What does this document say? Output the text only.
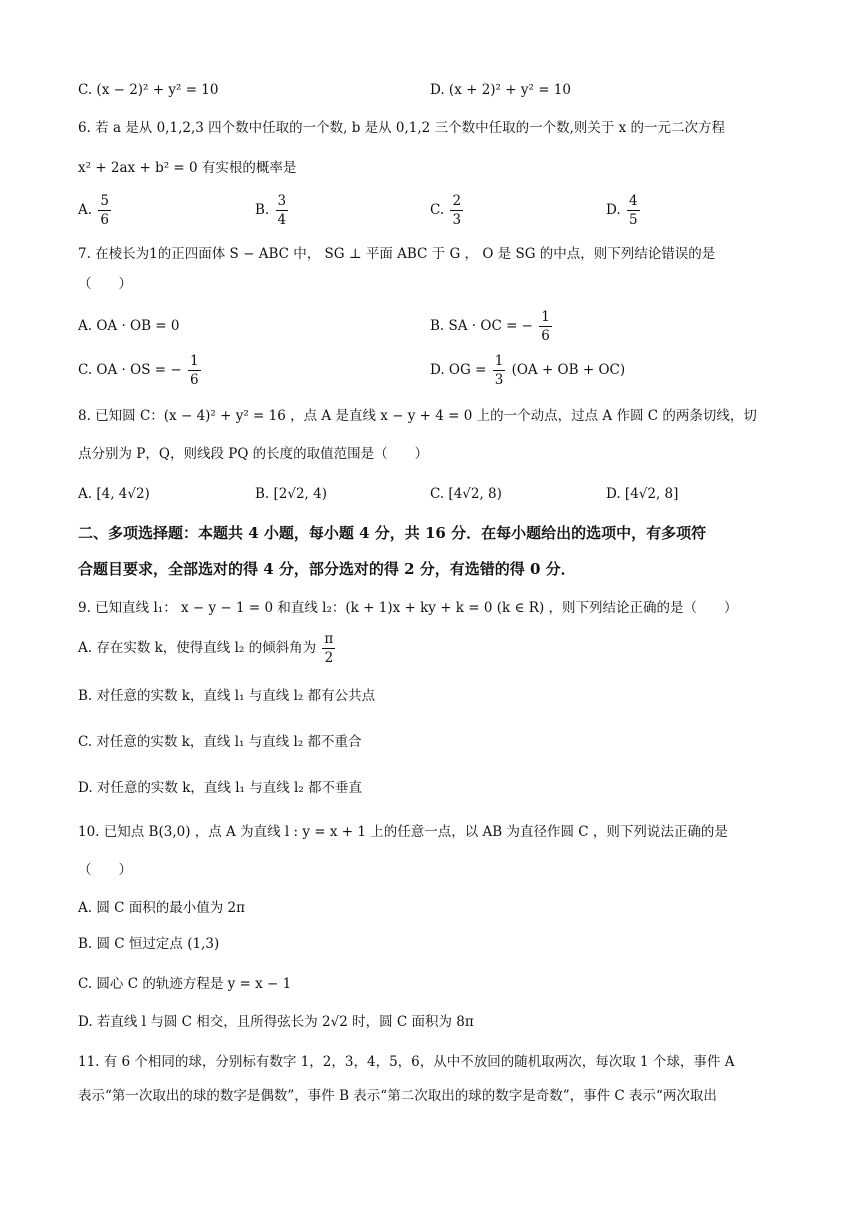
C. (x − 2)² + y² = 10	D. (x + 2)² + y² = 10
6. 若 a 是从 0,1,2,3 四个数中任取的一个数, b 是从 0,1,2 三个数中任取的一个数,则关于 x 的一元二次方程
x² + 2ax + b² = 0 有实根的概率是
A. $\frac{5}{6}$	B. $\frac{3}{4}$	C. $\frac{2}{3}$	D. $\frac{4}{5}$
7. 在棱长为1的正四面体 S − ABC 中， SG ⊥ 平面 ABC 于 G ， O 是 SG 的中点，则下列结论错误的是
（　　）
A. OA · OB = 0	B. SA · OC = − $\frac{1}{6}$
C. OA · OS = − $\frac{1}{6}$	D. OG = $\frac{1}{3} (OA$ + OB + OC)
8. 已知圆 C：(x − 4)² + y² = 16 ，点 A 是直线 x − y + 4 = 0 上的一个动点，过点 A 作圆 C 的两条切线，切
点分别为 P，Q，则线段 PQ 的长度的取值范围是（　　）
A. [4, 4√2)	B. [2√2, 4)	C. [4√2, 8)	D. [4√2, 8]
二、多项选择题：本题共 4 小题，每小题 4 分，共 16 分．在每小题给出的选项中，有多项符
合题目要求，全部选对的得 4 分，部分选对的得 2 分，有选错的得 0 分．
9. 已知直线 l₁： x − y − 1 = 0 和直线 l₂：(k + 1)x + ky + k = 0 (k ∈ R) ，则下列结论正确的是（　　）
A. 存在实数 k，使得直线 l₂ 的倾斜角为 $\frac{\pi}{2}$
B. 对任意的实数 k，直线 l₁ 与直线 l₂ 都有公共点
C. 对任意的实数 k，直线 l₁ 与直线 l₂ 都不重合
D. 对任意的实数 k，直线 l₁ 与直线 l₂ 都不垂直
10. 已知点 B(3,0) ，点 A 为直线 l : y = x + 1 上的任意一点，以 AB 为直径作圆 C ，则下列说法正确的是
（　　）
A. 圆 C 面积的最小值为 2π
B. 圆 C 恒过定点 (1,3)
C. 圆心 C 的轨迹方程是 y = x − 1
D. 若直线 l 与圆 C 相交，且所得弦长为 2√2 时，圆 C 面积为 8π
11. 有 6 个相同的球，分别标有数字 1，2，3，4，5，6，从中不放回的随机取两次，每次取 1 个球，事件 A
表示“第一次取出的球的数字是偶数”，事件 B 表示“第二次取出的球的数字是奇数”，事件 C 表示“两次取出
